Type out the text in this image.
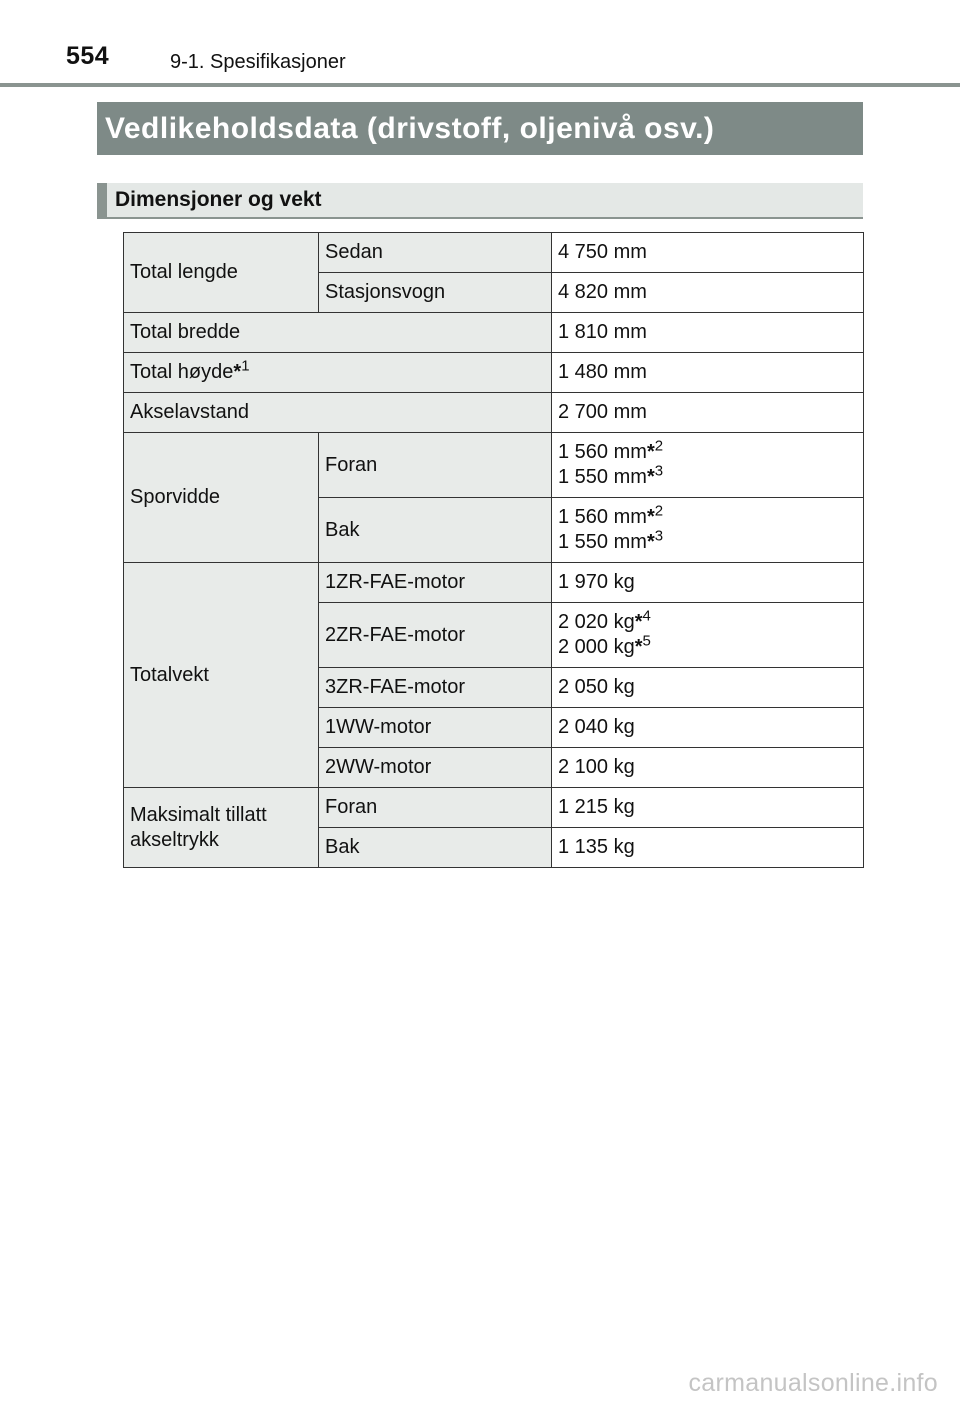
554	9-1. Spesifikasjoner
Vedlikeholdsdata (drivstoff, oljenivå osv.)
Dimensjoner og vekt
Total lengde	Sedan	4 750 mm
	Stasjonsvogn	4 820 mm
Total bredde		1 810 mm
Total høyde*$^1$		1 480 mm
Akselavstand		2 700 mm
Sporvidde	Foran	1 560 mm*$^2$
1 550 mm*$^3$

	Bak	1 560 mm*$^2$
1 550 mm*$^3$

Totalvekt	1ZR-FAE-motor	1 970 kg
	2ZR-FAE-motor	2 020 kg*$^4$
2 000 kg*$^5$

	3ZR-FAE-motor	2 050 kg
	1WW-motor	2 040 kg
	2WW-motor	2 100 kg

Maksimalt tillatt
akseltrykk	Foran	1 215 kg
	Bak	1 135 kg
carmanualsonline.info
